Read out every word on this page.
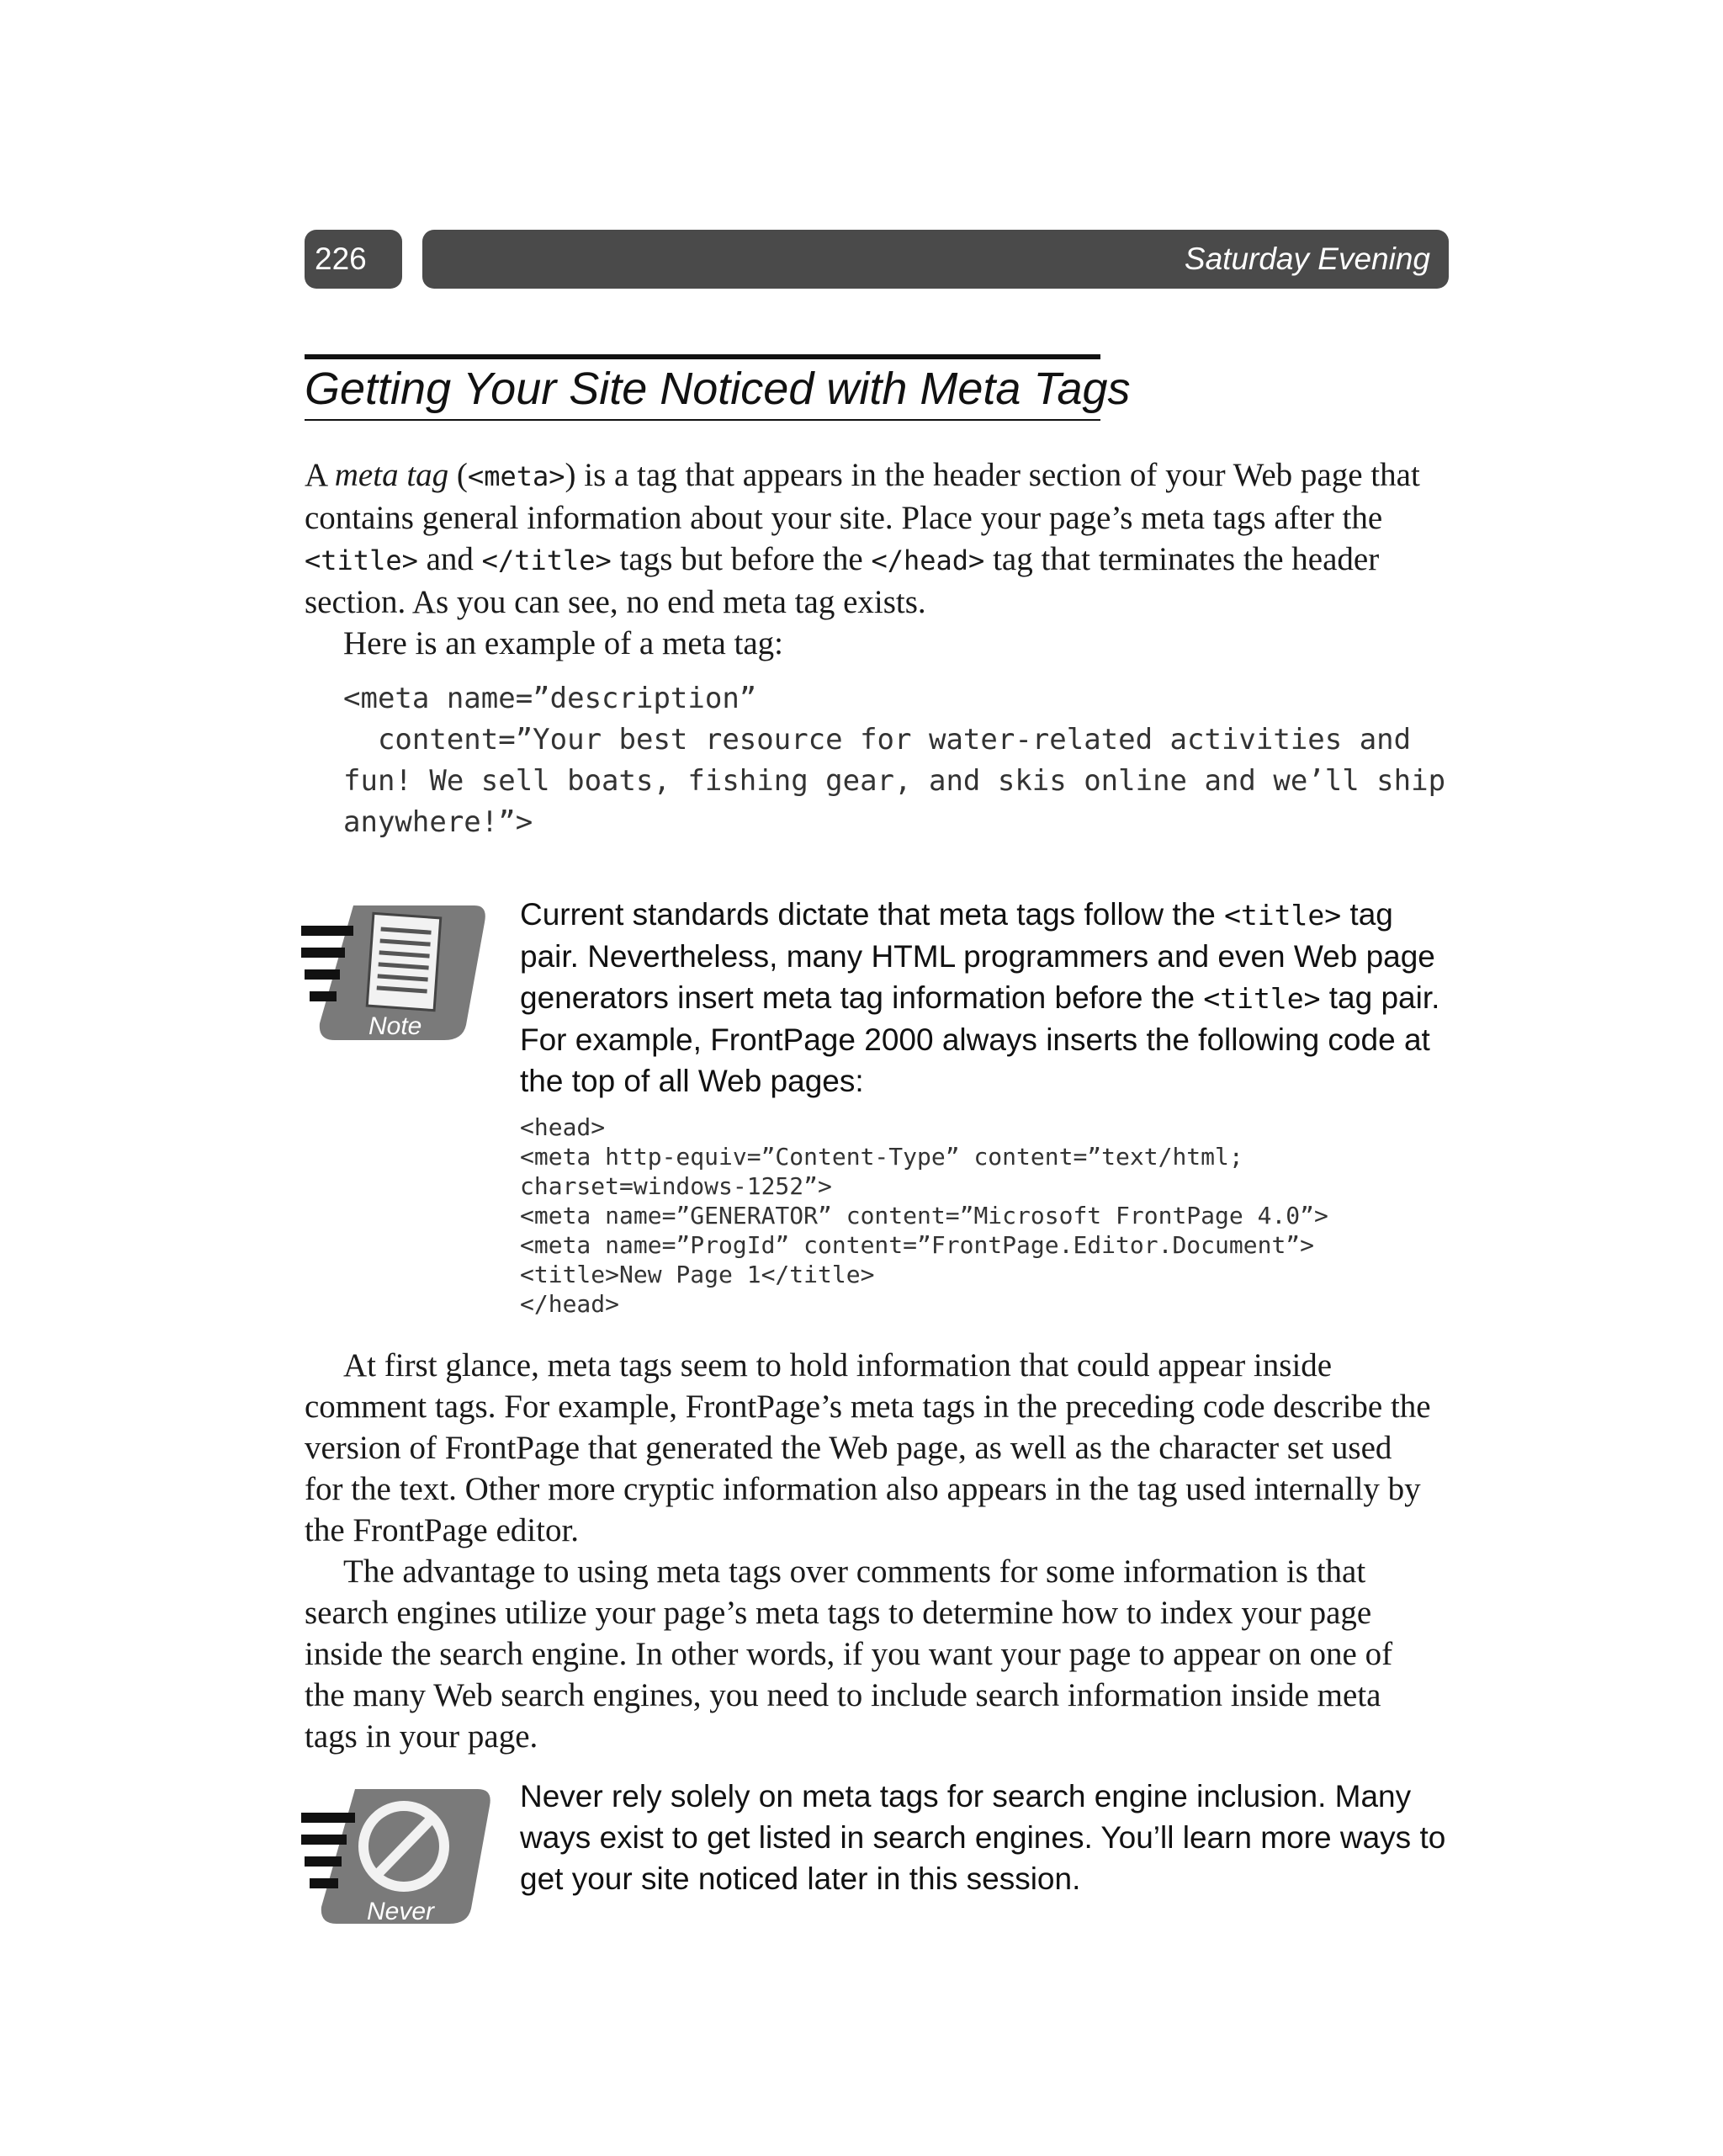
226	Saturday Evening
Getting Your Site Noticed with Meta Tags

A meta tag (<meta>) is a tag that appears in the header section of your Web page that contains general information about your site. Place your page’s meta tags after the <title> and </title> tags but before the </head> tag that terminates the header section. As you can see, no end meta tag exists.

Here is an example of a meta tag:

<meta name=”description”
content=”Your best resource for water-related activities and
fun! We sell boats, fishing gear, and skis online and we’ll ship
anywhere!”>
Note
Current standards dictate that meta tags follow the <title> tag pair. Nevertheless, many HTML programmers and even Web page generators insert meta tag information before the <title> tag pair. For example, FrontPage 2000 always inserts the following code at the top of all Web pages:
<head>
<meta http-equiv=”Content-Type” content=”text/html;
charset=windows-1252”>
<meta name=”GENERATOR” content=”Microsoft FrontPage 4.0”>
<meta name=”ProgId” content=”FrontPage.Editor.Document”>
<title>New Page 1</title>
</head>

At first glance, meta tags seem to hold information that could appear inside comment tags. For example, FrontPage’s meta tags in the preceding code describe the version of FrontPage that generated the Web page, as well as the character set used for the text. Other more cryptic information also appears in the tag used internally by the FrontPage editor.

The advantage to using meta tags over comments for some information is that search engines utilize your page’s meta tags to determine how to index your page inside the search engine. In other words, if you want your page to appear on one of the many Web search engines, you need to include search information inside meta tags in your page.

Never
Never rely solely on meta tags for search engine inclusion. Many ways exist to get listed in search engines. You’ll learn more ways to get your site noticed later in this session.
